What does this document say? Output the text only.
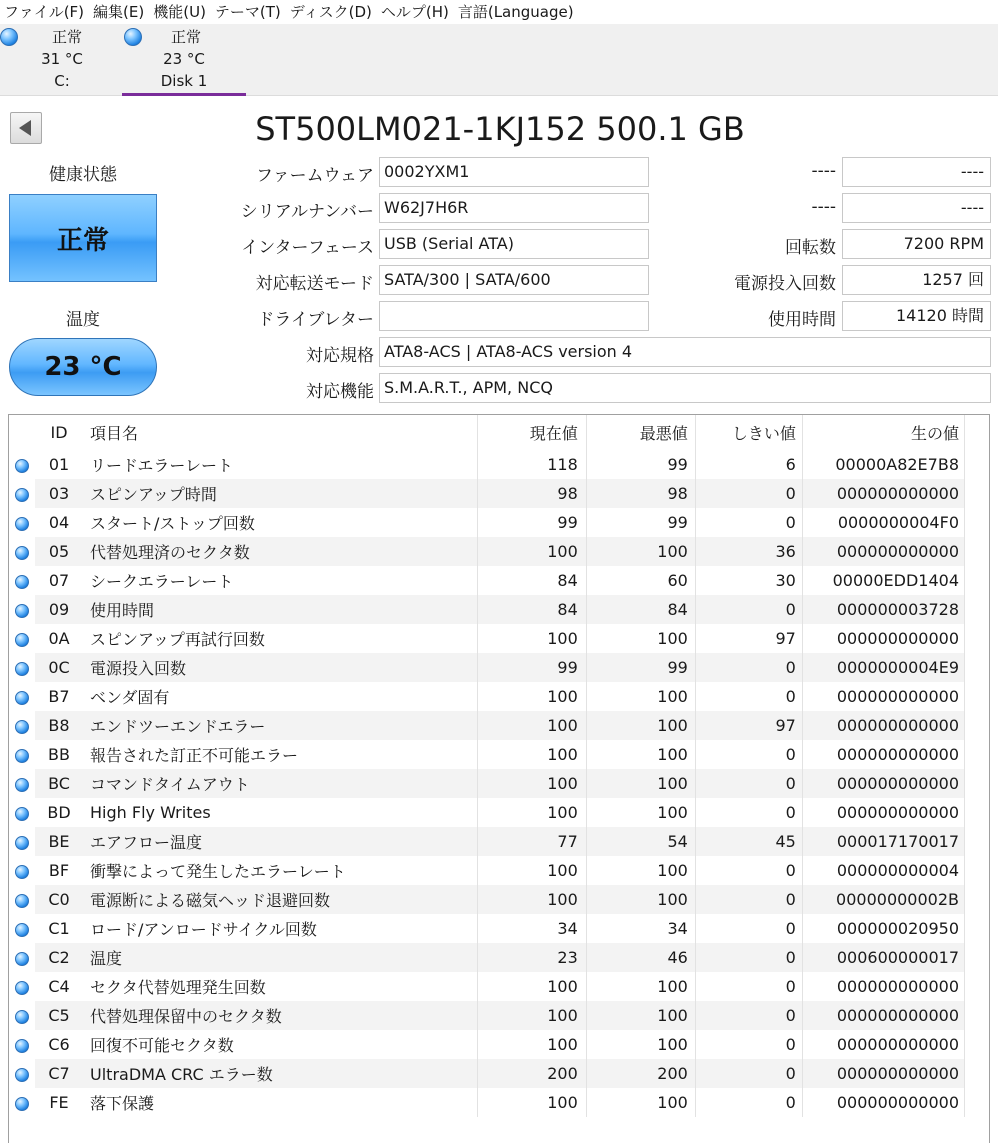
ファイル(F) 編集(E) 機能(U) テーマ(T) ディスク(D) ヘルプ(H) 言語(Language)
正常
31 °C
C:
正常
23 °C
Disk 1
ST500LM021-1KJ152 500.1 GB
健康状態
正常
温度
23 °C
ファームウェア 0002YXM1
シリアルナンバー W62J7H6R
インターフェース USB (Serial ATA)
対応転送モード SATA/300 | SATA/600
ドライブレター
対応規格 ATA8-ACS | ATA8-ACS version 4
対応機能 S.M.A.R.T., APM, NCQ
----	----
----	----
回転数	7200 RPM
電源投入回数	1257 回
使用時間	14120 時間
	ID	項目名	現在値	最悪値	しきい値	生の値
	01	リードエラーレート	118	99	6	00000A82E7B8
	03	スピンアップ時間	98	98	0	000000000000
	04	スタート/ストップ回数	99	99	0	0000000004F0
	05	代替処理済のセクタ数	100	100	36	000000000000
	07	シークエラーレート	84	60	30	00000EDD1404
	09	使用時間	84	84	0	000000003728
	0A	スピンアップ再試行回数	100	100	97	000000000000
	0C	電源投入回数	99	99	0	0000000004E9
	B7	ベンダ固有	100	100	0	000000000000
	B8	エンドツーエンドエラー	100	100	97	000000000000
	BB	報告された訂正不可能エラー	100	100	0	000000000000
	BC	コマンドタイムアウト	100	100	0	000000000000
	BD	High Fly Writes	100	100	0	000000000000
	BE	エアフロー温度	77	54	45	000017170017
	BF	衝撃によって発生したエラーレート	100	100	0	000000000004
	C0	電源断による磁気ヘッド退避回数	100	100	0	00000000002B
	C1	ロード/アンロードサイクル回数	34	34	0	000000020950
	C2	温度	23	46	0	000600000017
	C4	セクタ代替処理発生回数	100	100	0	000000000000
	C5	代替処理保留中のセクタ数	100	100	0	000000000000
	C6	回復不可能セクタ数	100	100	0	000000000000
	C7	UltraDMA CRC エラー数	200	200	0	000000000000
	FE	落下保護	100	100	0	000000000000
